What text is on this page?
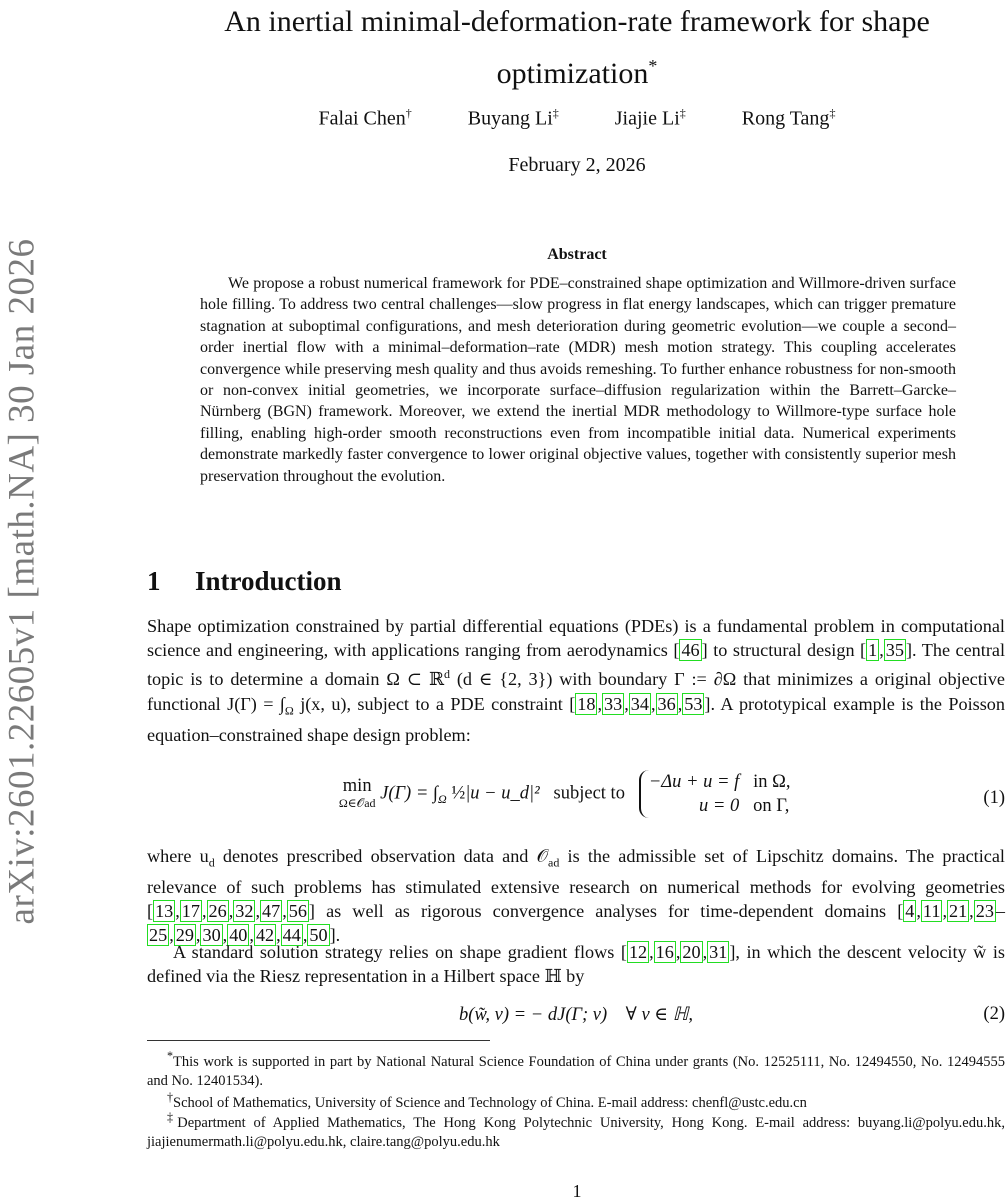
arXiv:2601.22605v1 [math.NA] 30 Jan 2026
An inertial minimal-deformation-rate framework for shape optimization*
Falai Chen†	Buyang Li‡	Jiajie Li‡	Rong Tang‡
February 2, 2026
Abstract
We propose a robust numerical framework for PDE–constrained shape optimization and Willmore-driven surface hole filling. To address two central challenges—slow progress in flat energy landscapes, which can trigger premature stagnation at suboptimal configurations, and mesh deterioration during geometric evolution—we couple a second–order inertial flow with a minimal–deformation–rate (MDR) mesh motion strategy. This coupling accelerates convergence while preserving mesh quality and thus avoids remeshing. To further enhance robustness for non-smooth or non-convex initial geometries, we incorporate surface–diffusion regularization within the Barrett–Garcke–Nürnberg (BGN) framework. Moreover, we extend the inertial MDR methodology to Willmore-type surface hole filling, enabling high-order smooth reconstructions even from incompatible initial data. Numerical experiments demonstrate markedly faster convergence to lower original objective values, together with consistently superior mesh preservation throughout the evolution.
1 Introduction
Shape optimization constrained by partial differential equations (PDEs) is a fundamental problem in computational science and engineering, with applications ranging from aerodynamics [ 46 ] to structural design [ 1 , 35 ]. The central topic is to determine a domain Ω ⊂ ℝ$^d$ (d ∈ {2, 3}) with boundary Γ := ∂Ω that minimizes a original objective functional $J(\Gamma) = \int_\Omega$ j(x, u), subject to a PDE constraint [ 18 , 33 , 34 , 36 , 53 ]. A prototypical example is the Poisson equation–constrained shape design problem:
min
Ω∈𝒪ad $J(\Gamma) = \int_\Omega$ ½|u − u_d|² subject to   −Δu + u = f in Ω,
u = 0 on Γ,	(1)
where $u_d$ denotes prescribed observation data and 𝒪$_{ad}$ is the admissible set of Lipschitz domains. The practical relevance of such problems has stimulated extensive research on numerical methods for evolving geometries [ 13 , 17 , 26 , 32 , 47 , 56 ] as well as rigorous convergence analyses for time-dependent domains [ 4 , 11 , 21 , 23 –25 , 29 , 30 , 40 , 42 , 44 , 50 ].
A standard solution strategy relies on shape gradient flows [ 12 , 16 , 20 , 31 ], in which the descent velocity w̃ is defined via the Riesz representation in a Hilbert space ℍ by
b(w̃, v) = − dJ(Γ; v)    ∀ v ∈ ℍ,	(2)
*This work is supported in part by National Natural Science Foundation of China under grants (No. 12525111, No. 12494550, No. 12494555 and No. 12401534).
†School of Mathematics, University of Science and Technology of China. E-mail address: chenfl@ustc.edu.cn
‡Department of Applied Mathematics, The Hong Kong Polytechnic University, Hong Kong. E-mail address: buyang.li@polyu.edu.hk, jiajienumermath.li@polyu.edu.hk, claire.tang@polyu.edu.hk
1
